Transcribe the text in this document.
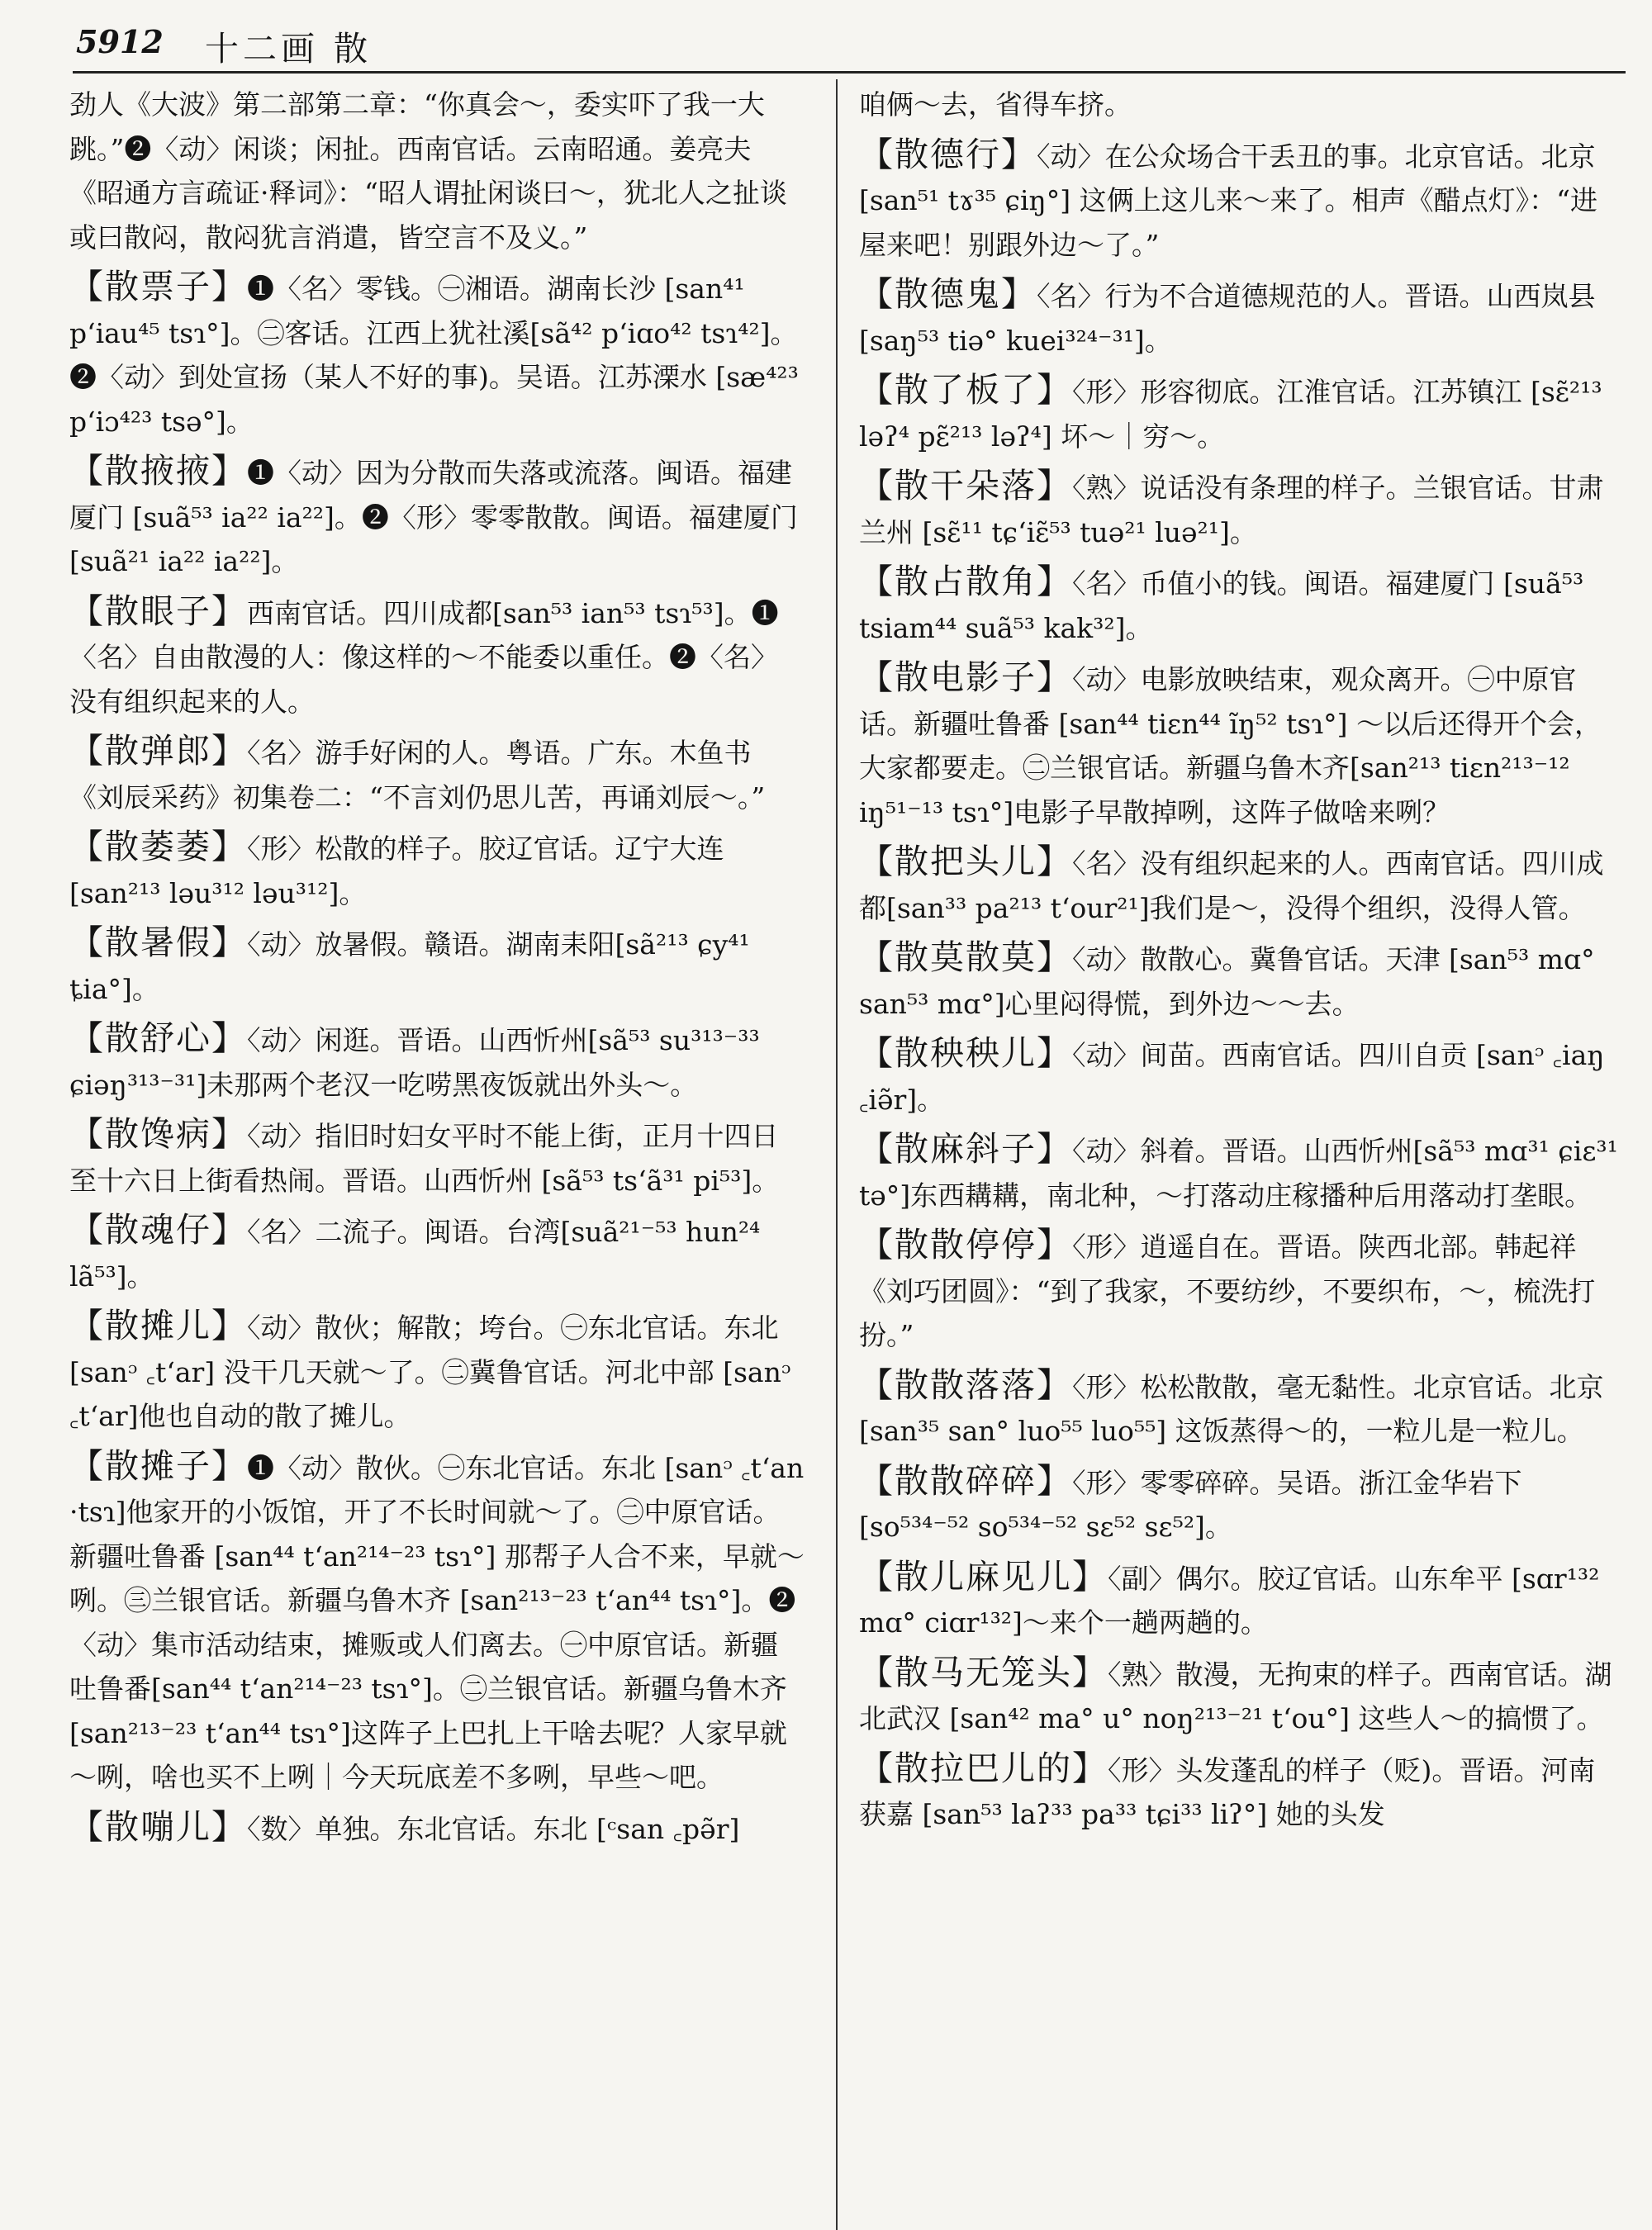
5912 十二画 散
劲人《大波》第二部第二章：“你真会～，委实吓了我一大跳。”❷〈动〉闲谈；闲扯。西南官话。云南昭通。姜亮夫《昭通方言疏证·释词》：“昭人谓扯闲谈曰～，犹北人之扯谈或曰散闷，散闷犹言消遣，皆空言不及义。”
【散票子】❶〈名〉零钱。㊀湘语。湖南长沙 [san⁴¹ pʻiau⁴⁵ tsɿ°]。㊁客话。江西上犹社溪[sã⁴² pʻiɑo⁴² tsɿ⁴²]。❷〈动〉到处宣扬（某人不好的事)。吴语。江苏溧水 [sæ⁴²³ pʻiɔ⁴²³ tsə°]。
【散掖掖】❶〈动〉因为分散而失落或流落。闽语。福建厦门 [suã⁵³ ia²² ia²²]。❷〈形〉零零散散。闽语。福建厦门[suã²¹ ia²² ia²²]。
【散眼子】西南官话。四川成都[san⁵³ ian⁵³ tsɿ⁵³]。❶〈名〉自由散漫的人：像这样的～不能委以重任。❷〈名〉没有组织起来的人。
【散弹郎】〈名〉游手好闲的人。粤语。广东。木鱼书《刘辰采药》初集卷二：“不言刘仍思儿苦，再诵刘辰～。”
【散萎萎】〈形〉松散的样子。胶辽官话。辽宁大连 [san²¹³ ləu³¹² ləu³¹²]。
【散暑假】〈动〉放暑假。赣语。湖南耒阳[sã²¹³ ɕy⁴¹ ȶia°]。
【散舒心】〈动〉闲逛。晋语。山西忻州[sã⁵³ su³¹³⁻³³ ɕiəŋ³¹³⁻³¹]未那两个老汉一吃唠黑夜饭就出外头～。
【散馋病】〈动〉指旧时妇女平时不能上街，正月十四日至十六日上街看热闹。晋语。山西忻州 [sã⁵³ tsʻã³¹ pi⁵³]。
【散魂仔】〈名〉二流子。闽语。台湾[suã²¹⁻⁵³ hun²⁴ lã⁵³]。
【散摊儿】〈动〉散伙；解散；垮台。㊀东北官话。东北 [sanᵓ ꜀tʻar] 没干几天就～了。㊁冀鲁官话。河北中部 [sanᵓ ꜀tʻar]他也自动的散了摊儿。
【散摊子】❶〈动〉散伙。㊀东北官话。东北 [sanᵓ ꜀tʻan ·tsɿ]他家开的小饭馆，开了不长时间就～了。㊁中原官话。新疆吐鲁番 [san⁴⁴ tʻan²¹⁴⁻²³ tsɿ°] 那帮子人合不来，早就～咧。㊂兰银官话。新疆乌鲁木齐 [san²¹³⁻²³ tʻan⁴⁴ tsɿ°]。❷〈动〉集市活动结束，摊贩或人们离去。㊀中原官话。新疆吐鲁番[san⁴⁴ tʻan²¹⁴⁻²³ tsɿ°]。㊁兰银官话。新疆乌鲁木齐[san²¹³⁻²³ tʻan⁴⁴ tsɿ°]这阵子上巴扎上干啥去呢？人家早就～咧，啥也买不上咧｜今天玩底差不多咧，早些～吧。
【散嘣儿】〈数〉单独。东北官话。东北 [ᶜsan ꜀pə̃r]
咱俩～去，省得车挤。
【散德行】〈动〉在公众场合干丢丑的事。北京官话。北京 [san⁵¹ tɤ³⁵ ɕiŋ°] 这俩上这儿来～来了。相声《醋点灯》：“进屋来吧！别跟外边～了。”
【散德鬼】〈名〉行为不合道德规范的人。晋语。山西岚县[saŋ⁵³ tiə° kuei³²⁴⁻³¹]。
【散了板了】〈形〉形容彻底。江淮官话。江苏镇江 [sɛ̃²¹³ ləʔ⁴ pɛ̃²¹³ ləʔ⁴] 坏～｜穷～。
【散干朵落】〈熟〉说话没有条理的样子。兰银官话。甘肃兰州 [sɛ̃¹¹ tɕʻiɛ̃⁵³ tuə²¹ luə²¹]。
【散占散角】〈名〉币值小的钱。闽语。福建厦门 [suã⁵³ tsiam⁴⁴ suã⁵³ kak³²]。
【散电影子】〈动〉电影放映结束，观众离开。㊀中原官话。新疆吐鲁番 [san⁴⁴ tiɛn⁴⁴ ĩŋ⁵² tsɿ°] ～以后还得开个会，大家都要走。㊁兰银官话。新疆乌鲁木齐[san²¹³ tiɛn²¹³⁻¹² iŋ⁵¹⁻¹³ tsɿ°]电影子早散掉咧，这阵子做啥来咧？
【散把头儿】〈名〉没有组织起来的人。西南官话。四川成都[san³³ pa²¹³ tʻour²¹]我们是～，没得个组织，没得人管。
【散莫散莫】〈动〉散散心。冀鲁官话。天津 [san⁵³ mɑ° san⁵³ mɑ°]心里闷得慌，到外边～～去。
【散秧秧儿】〈动〉间苗。西南官话。四川自贡 [sanᵓ ꜀iaŋ ꜀iə̃r]。
【散麻斜子】〈动〉斜着。晋语。山西忻州[sã⁵³ mɑ³¹ ɕiɛ³¹ tə°]东西耩耩，南北种，～打落动庄稼播种后用落动打垄眼。
【散散停停】〈形〉逍遥自在。晋语。陕西北部。韩起祥《刘巧团圆》：“到了我家，不要纺纱，不要织布，～，梳洗打扮。”
【散散落落】〈形〉松松散散，毫无黏性。北京官话。北京 [san³⁵ san° luo⁵⁵ luo⁵⁵] 这饭蒸得～的，一粒儿是一粒儿。
【散散碎碎】〈形〉零零碎碎。吴语。浙江金华岩下 [so⁵³⁴⁻⁵² so⁵³⁴⁻⁵² sɛ⁵² sɛ⁵²]。
【散儿麻见儿】〈副〉偶尔。胶辽官话。山东牟平 [sɑr¹³² mɑ° ciɑr¹³²]～来个一趟两趟的。
【散马无笼头】〈熟〉散漫，无拘束的样子。西南官话。湖北武汉 [san⁴² ma° u° noŋ²¹³⁻²¹ tʻou°] 这些人～的搞惯了。
【散拉巴儿的】〈形〉头发蓬乱的样子（贬)。晋语。河南获嘉 [san⁵³ laʔ³³ pa³³ tɕi³³ liʔ°] 她的头发
